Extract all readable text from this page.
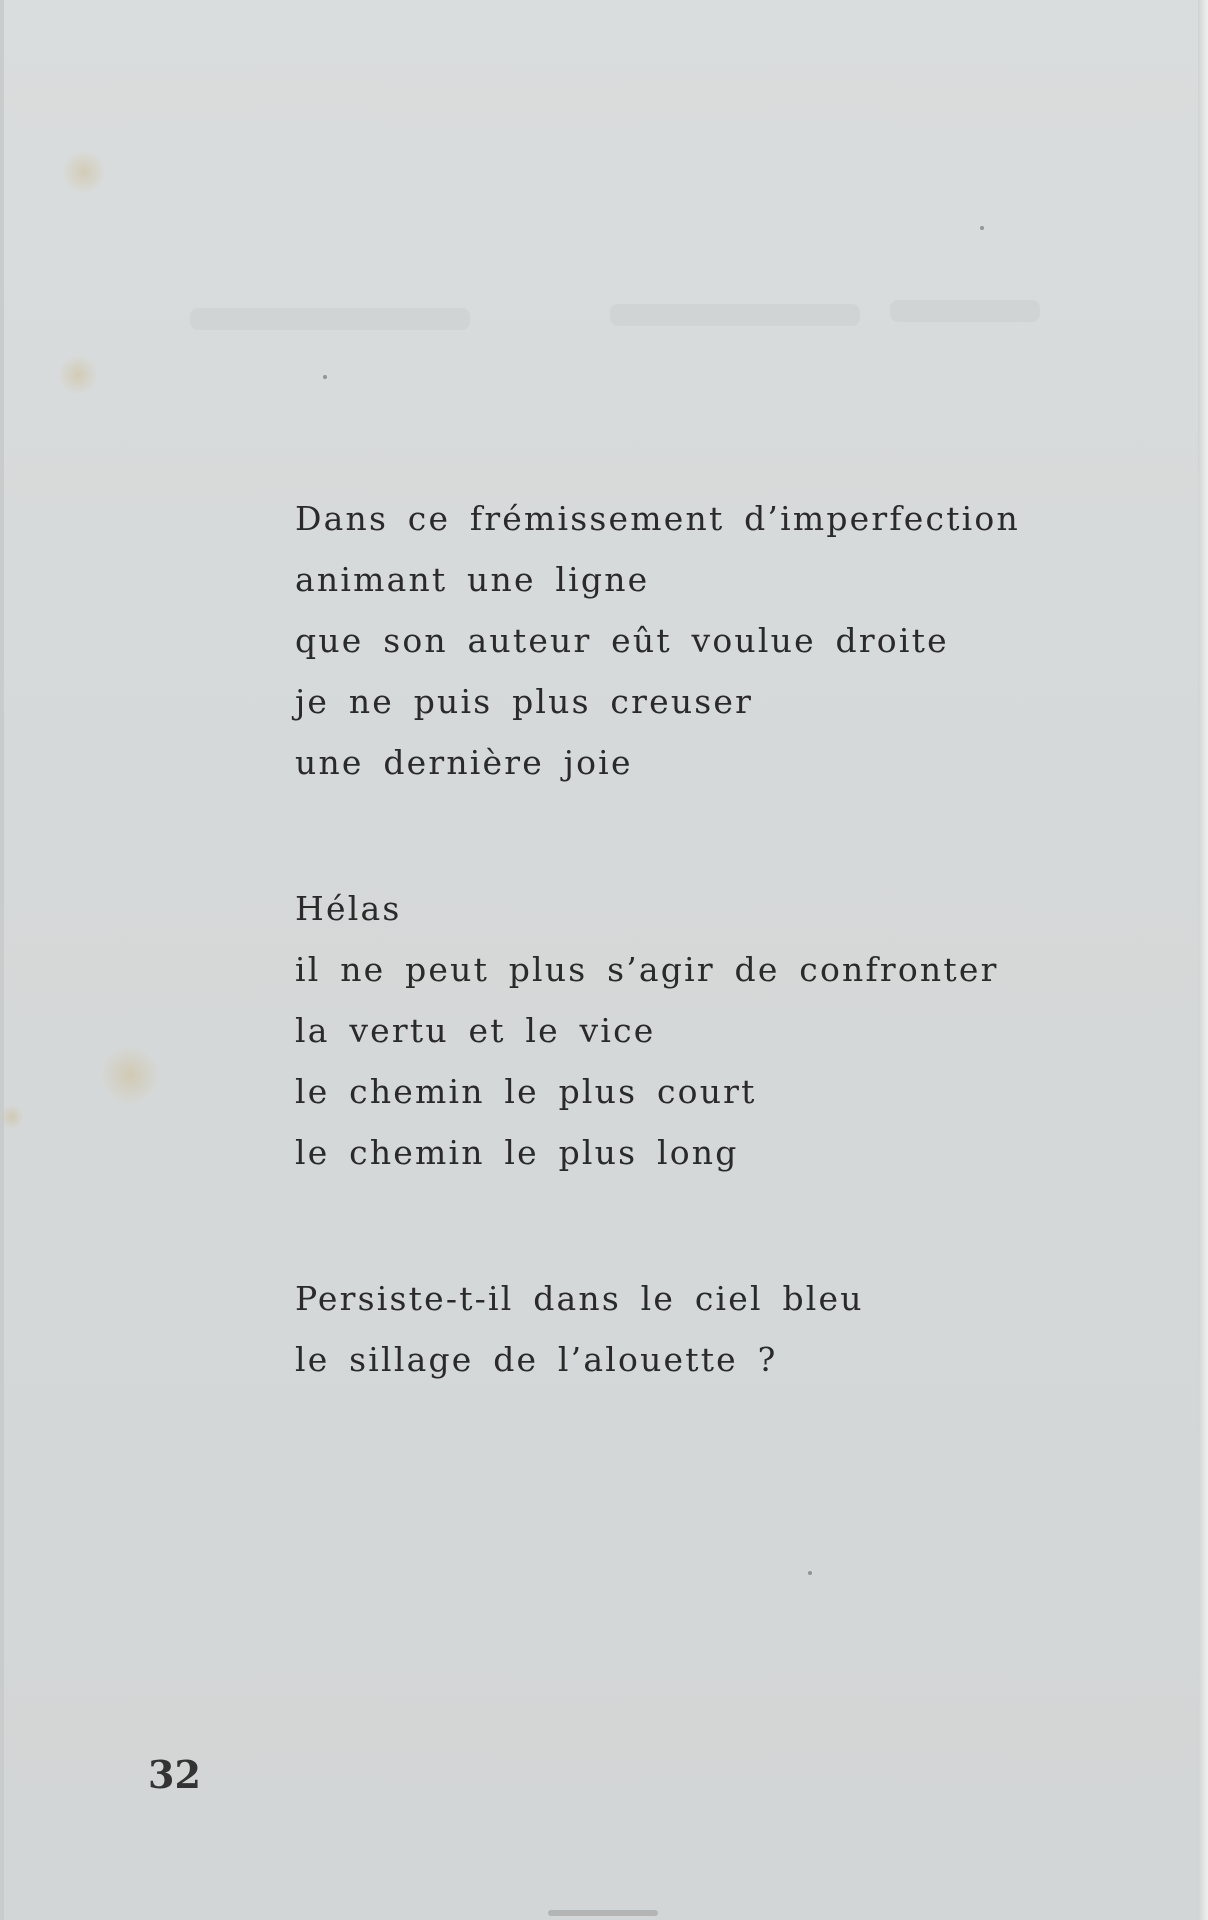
Dans ce frémissement d’imperfection
animant une ligne
que son auteur eût voulue droite
je ne puis plus creuser
une dernière joie
Hélas
il ne peut plus s’agir de confronter
la vertu et le vice
le chemin le plus court
le chemin le plus long
Persiste-t-il dans le ciel bleu
le sillage de l’alouette ?
32
